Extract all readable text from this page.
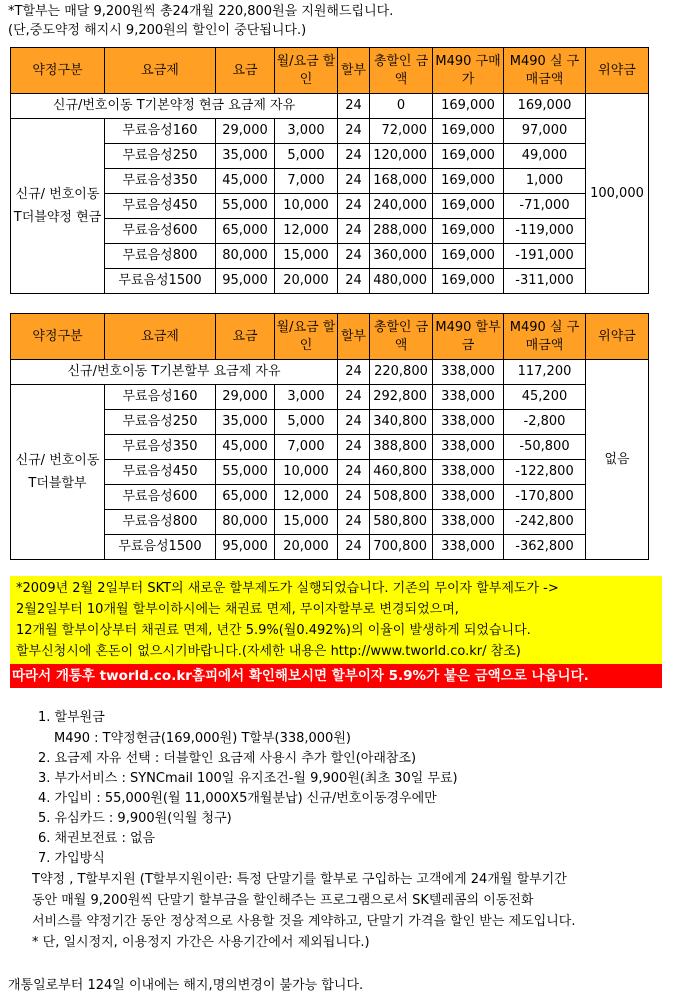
*T할부는 매달 9,200원씩 총24개월 220,800원을 지원해드립니다.
(단,중도약정 해지시 9,200원의 할인이 중단됩니다.)
약정구분	요금제	요금	월/요금 할인	할부	총할인 금액	M490 구매가	M490 실 구매금액	위약금
신규/번호이동 T기본약정 현금 요금제 자유				24	0	169,000	169,000	100,000
신규/ 번호이동 T더블약정 현금	무료음성160	29,000	3,000	24	72,000	169,000	97,000	
	무료음성250	35,000	5,000	24	120,000	169,000	49,000	
	무료음성350	45,000	7,000	24	168,000	169,000	1,000	
	무료음성450	55,000	10,000	24	240,000	169,000	-71,000	
	무료음성600	65,000	12,000	24	288,000	169,000	-119,000	
	무료음성800	80,000	15,000	24	360,000	169,000	-191,000	
	무료음성1500	95,000	20,000	24	480,000	169,000	-311,000	
약정구분	요금제	요금	월/요금 할인	할부	총할인 금액	M490 할부금	M490 실 구매금액	위약금
신규/번호이동 T기본할부 요금제 자유				24	220,800	338,000	117,200	없음
신규/ 번호이동 T더블할부	무료음성160	29,000	3,000	24	292,800	338,000	45,200	
	무료음성250	35,000	5,000	24	340,800	338,000	-2,800	
	무료음성350	45,000	7,000	24	388,800	338,000	-50,800	
	무료음성450	55,000	10,000	24	460,800	338,000	-122,800	
	무료음성600	65,000	12,000	24	508,800	338,000	-170,800	
	무료음성800	80,000	15,000	24	580,800	338,000	-242,800	
	무료음성1500	95,000	20,000	24	700,800	338,000	-362,800	
*2009년 2월 2일부터 SKT의 새로운 할부제도가 실행되었습니다. 기존의 무이자 할부제도가 ->
2월2일부터 10개월 할부이하시에는 채권료 면제, 무이자할부로 변경되었으며,
12개월 할부이상부터 채권료 면제, 년간 5.9%(월0.492%)의 이율이 발생하게 되었습니다.
할부신청시에 혼돈이 없으시기바랍니다.(자세한 내용은 http://www.tworld.co.kr/ 참조)
따라서 개통후 tworld.co.kr홈피에서 확인해보시면 할부이자 5.9%가 붙은 금액으로 나옵니다.
1. 할부원금
M490 : T약정현금(169,000원) T할부(338,000원)
2. 요금제 자유 선택 : 더블할인 요금제 사용시 추가 할인(아래참조)
3. 부가서비스 : SYNCmail 100일 유지조건-월 9,900원(최초 30일 무료)
4. 가입비 : 55,000원(월 11,000X5개월분납) 신규/번호이동경우에만
5. 유심카드 : 9,900원(익월 청구)
6. 채권보전료 : 없음
7. 가입방식
T약정 , T할부지원 (T할부지원이란: 특정 단말기를 할부로 구입하는 고객에게 24개월 할부기간
동안 매월 9,200원씩 단말기 할부금을 할인해주는 프로그램으로서 SK텔레콤의 이동전화
서비스를 약정기간 동안 정상적으로 사용할 것을 계약하고, 단말기 가격을 할인 받는 제도입니다.
* 단, 일시정지, 이용정지 가간은 사용기간에서 제외됩니다.)
개통일로부터 124일 이내에는 해지,명의변경이 불가능 합니다.
